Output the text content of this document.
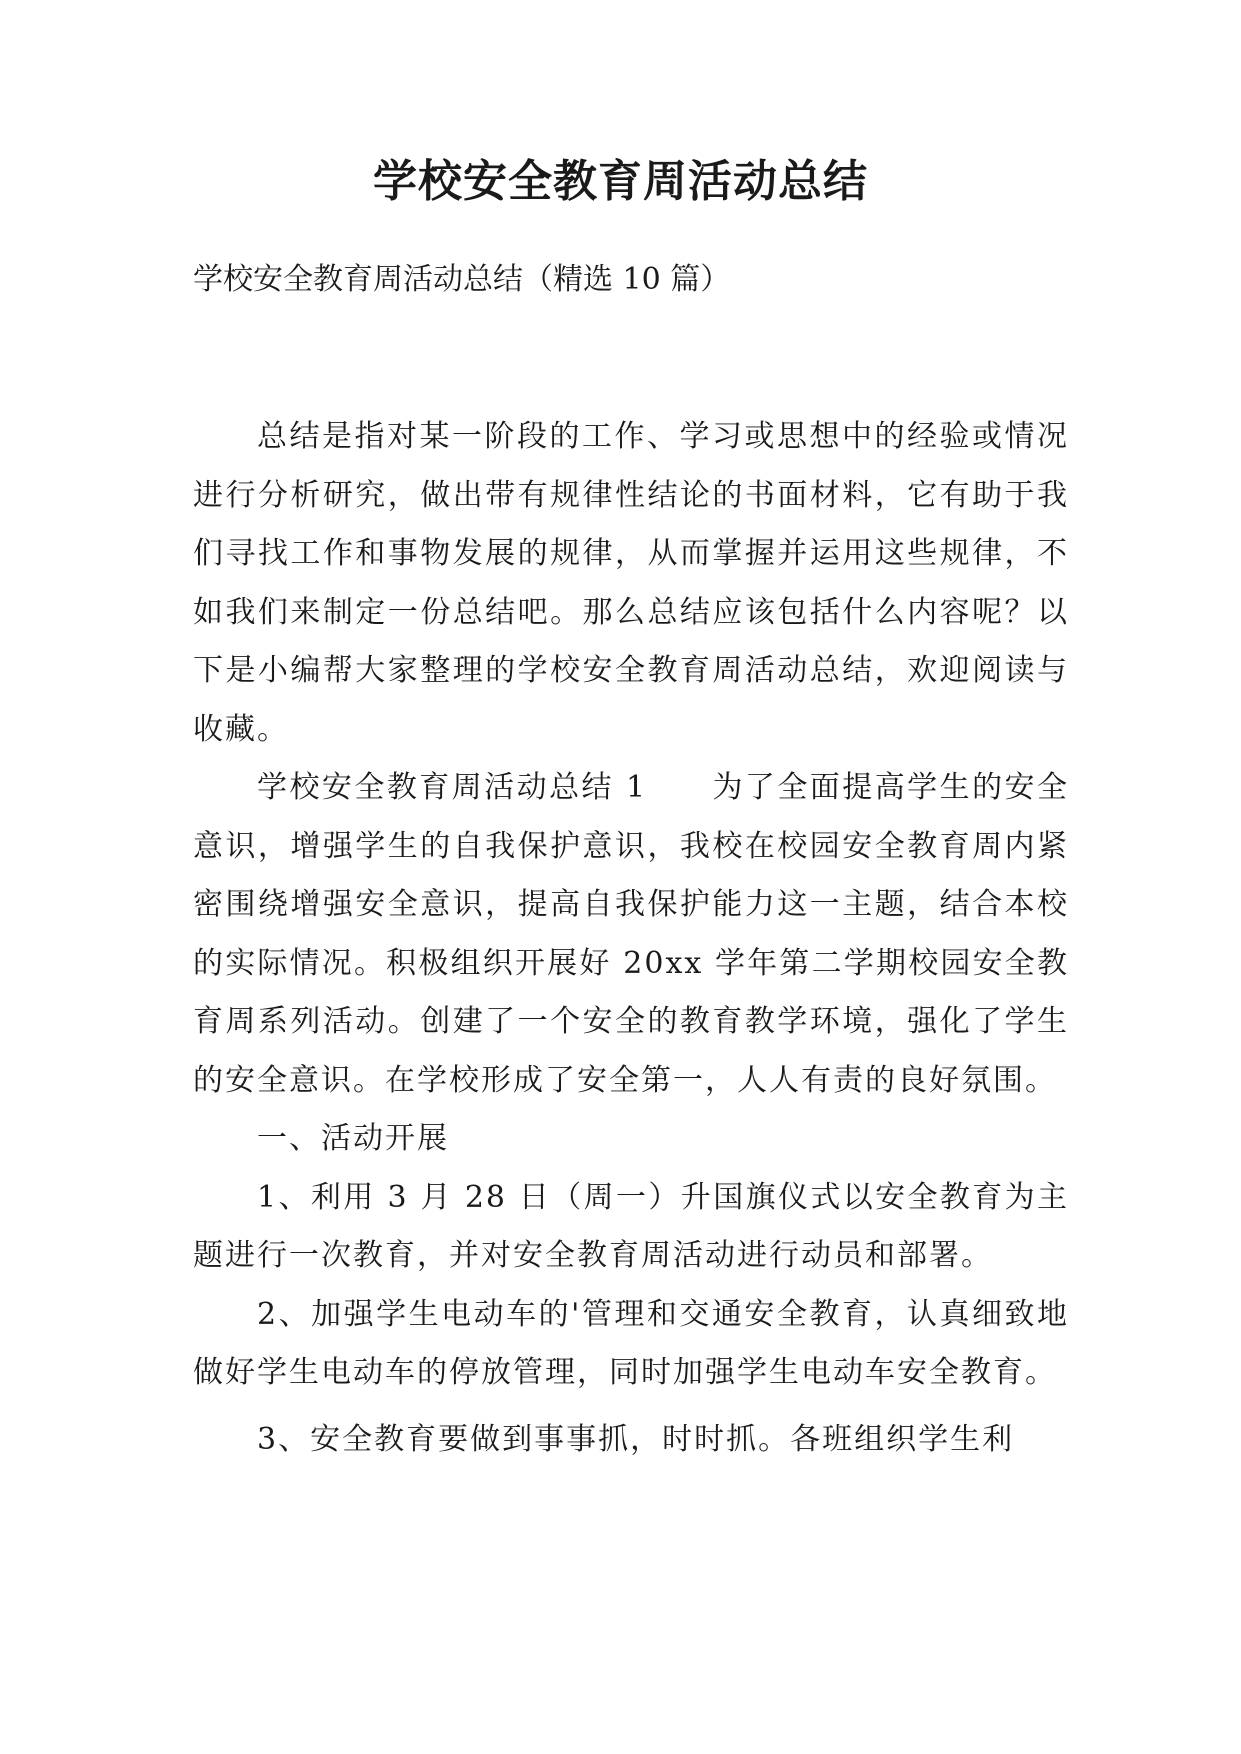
学校安全教育周活动总结

学校安全教育周活动总结（精选 10 篇）

总结是指对某一阶段的工作、学习或思想中的经验或情况进行分析研究，做出带有规律性结论的书面材料，它有助于我们寻找工作和事物发展的规律，从而掌握并运用这些规律，不如我们来制定一份总结吧。那么总结应该包括什么内容呢？以下是小编帮大家整理的学校安全教育周活动总结，欢迎阅读与收藏。

学校安全教育周活动总结 1　　为了全面提高学生的安全意识，增强学生的自我保护意识，我校在校园安全教育周内紧密围绕增强安全意识，提高自我保护能力这一主题，结合本校的实际情况。积极组织开展好 20xx 学年第二学期校园安全教育周系列活动。创建了一个安全的教育教学环境，强化了学生的安全意识。在学校形成了安全第一，人人有责的良好氛围。

一、活动开展

1、利用 3 月 28 日（周一）升国旗仪式以安全教育为主题进行一次教育，并对安全教育周活动进行动员和部署。

2、加强学生电动车的'管理和交通安全教育，认真细致地做好学生电动车的停放管理，同时加强学生电动车安全教育。

3、安全教育要做到事事抓，时时抓。各班组织学生利
